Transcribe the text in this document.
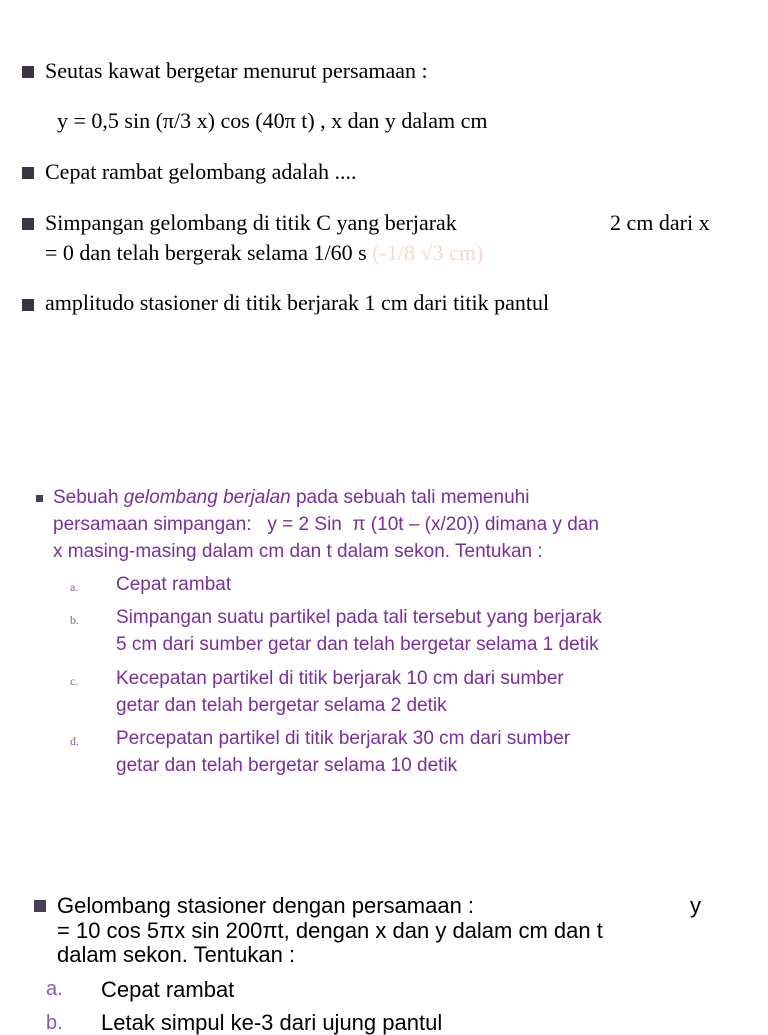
Seutas kawat bergetar menurut persamaan :
y = 0,5 sin (π/3 x) cos (40π t) , x dan y dalam cm
Cepat rambat gelombang adalah ....
Simpangan gelombang di titik C yang berjarak	2 cm dari x
= 0 dan telah bergerak selama 1/60 s (-1/8 √3 cm)
amplitudo stasioner di titik berjarak 1 cm dari titik pantul
Sebuah gelombang berjalan pada sebuah tali memenuhi
persamaan simpangan:   y = 2 Sin  π (10t – (x/20)) dimana y dan
x masing-masing dalam cm dan t dalam sekon. Tentukan :
a. Cepat rambat
b. Simpangan suatu partikel pada tali tersebut yang berjarak
5 cm dari sumber getar dan telah bergetar selama 1 detik
c. Kecepatan partikel di titik berjarak 10 cm dari sumber
getar dan telah bergetar selama 2 detik
d. Percepatan partikel di titik berjarak 30 cm dari sumber
getar dan telah bergetar selama 10 detik
Gelombang stasioner dengan persamaan :	y
= 10 cos 5πx sin 200πt, dengan x dan y dalam cm dan t
dalam sekon. Tentukan :
a. Cepat rambat
b. Letak simpul ke-3 dari ujung pantul
